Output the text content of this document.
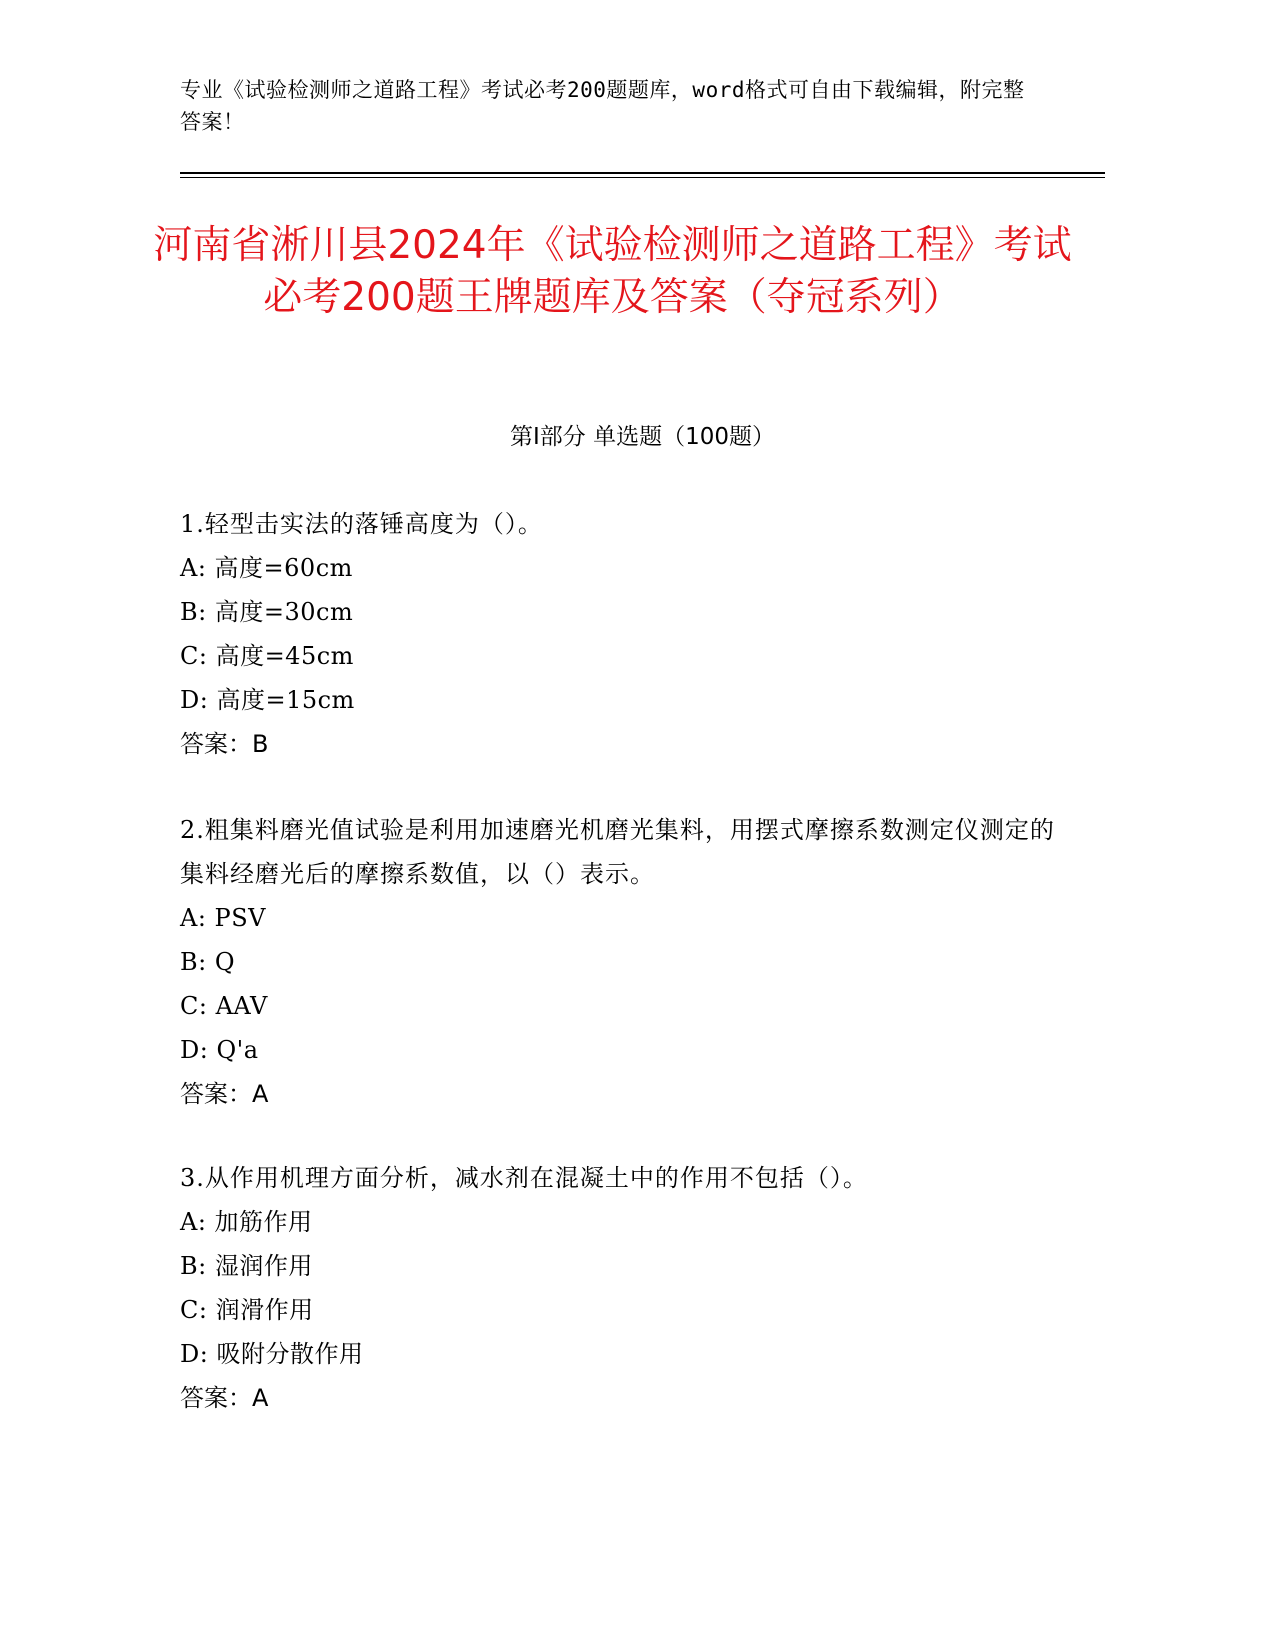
专业《试验检测师之道路工程》考试必考200题题库，word格式可自由下载编辑，附完整答案！
河南省淅川县2024年《试验检测师之道路工程》考试必考200题王牌题库及答案（夺冠系列）
第I部分 单选题（100题）
1.轻型击实法的落锤高度为（）。
A: 高度=60cm
B: 高度=30cm
C: 高度=45cm
D: 高度=15cm
答案：B
2.粗集料磨光值试验是利用加速磨光机磨光集料，用摆式摩擦系数测定仪测定的集料经磨光后的摩擦系数值，以（）表示。
A: PSV
B: Q
C: AAV
D: Q'a
答案：A
3.从作用机理方面分析，减水剂在混凝土中的作用不包括（）。
A: 加筋作用
B: 湿润作用
C: 润滑作用
D: 吸附分散作用
答案：A
